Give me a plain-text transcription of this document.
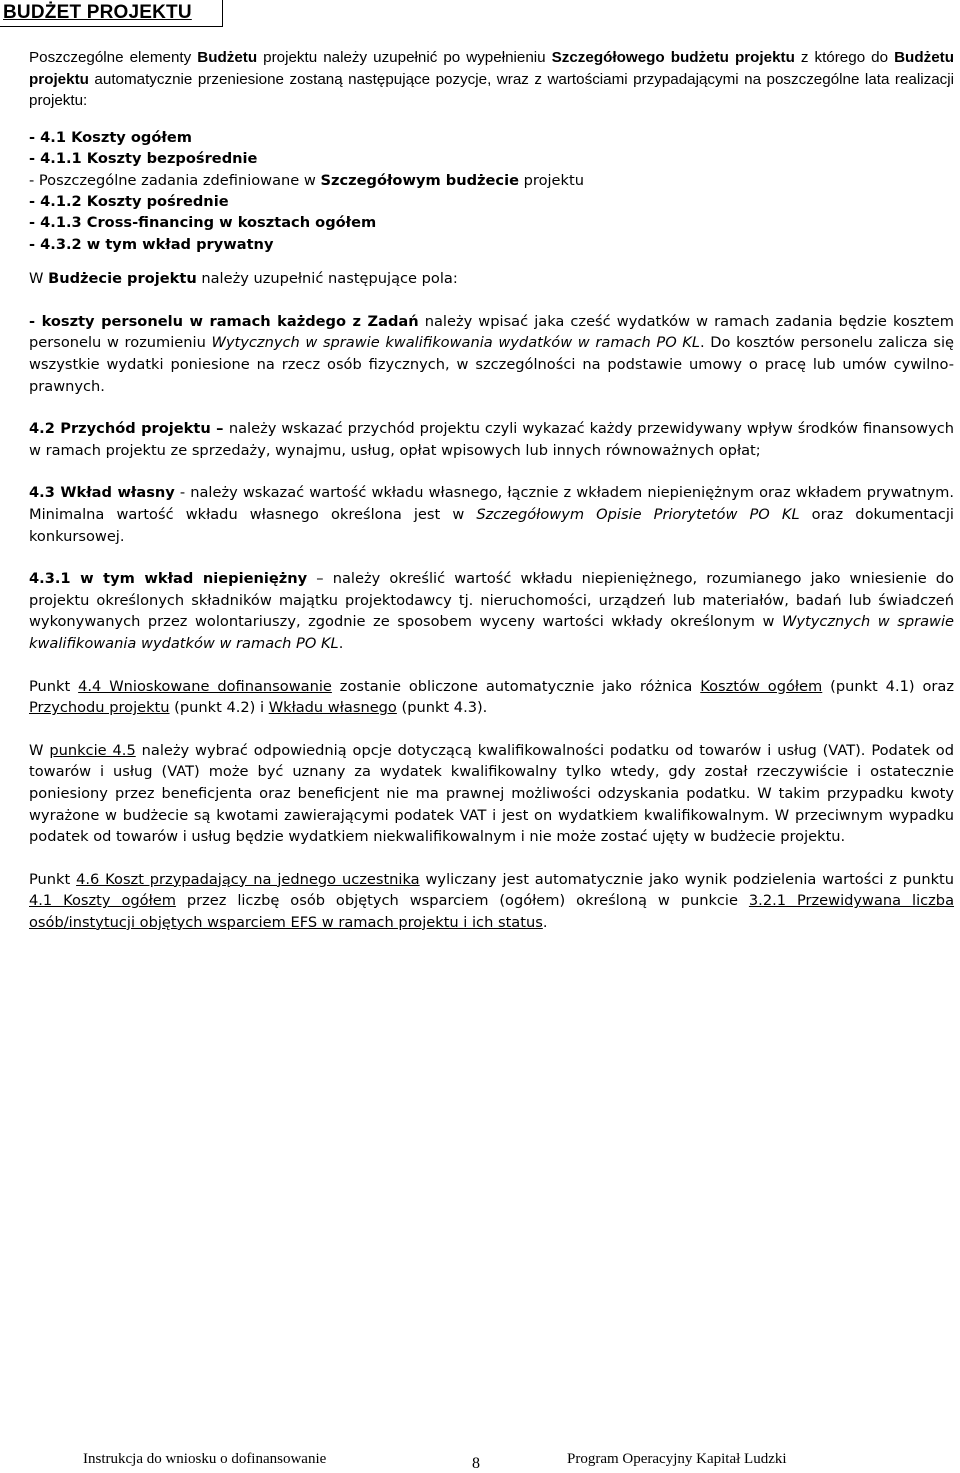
BUDŻET PROJEKTU

Poszczególne elementy Budżetu projektu należy uzupełnić po wypełnieniu Szczegółowego budżetu projektu z którego do Budżetu projektu automatycznie przeniesione zostaną następujące pozycje, wraz z wartościami przypadającymi na poszczególne lata realizacji projektu:

- 4.1 Koszty ogółem
- 4.1.1 Koszty bezpośrednie
- Poszczególne zadania zdefiniowane w Szczegółowym budżecie projektu
- 4.1.2 Koszty pośrednie
- 4.1.3 Cross-financing w kosztach ogółem
- 4.3.2 w tym wkład prywatny

W Budżecie projektu należy uzupełnić następujące pola:

- koszty personelu w ramach każdego z Zadań należy wpisać jaka cześć wydatków w ramach zadania będzie kosztem personelu w rozumieniu Wytycznych w sprawie kwalifikowania wydatków w ramach PO KL. Do kosztów personelu zalicza się wszystkie wydatki poniesione na rzecz osób fizycznych, w szczególności na podstawie umowy o pracę lub umów cywilno-prawnych.

4.2 Przychód projektu – należy wskazać przychód projektu czyli wykazać każdy przewidywany wpływ środków finansowych w ramach projektu ze sprzedaży, wynajmu, usług, opłat wpisowych lub innych równoważnych opłat;

4.3 Wkład własny - należy wskazać wartość wkładu własnego, łącznie z wkładem niepieniężnym oraz wkładem prywatnym. Minimalna wartość wkładu własnego określona jest w Szczegółowym Opisie Priorytetów PO KL oraz dokumentacji konkursowej.

4.3.1 w tym wkład niepieniężny – należy określić wartość wkładu niepieniężnego, rozumianego jako wniesienie do projektu określonych składników majątku projektodawcy tj. nieruchomości, urządzeń lub materiałów, badań lub świadczeń wykonywanych przez wolontariuszy, zgodnie ze sposobem wyceny wartości wkłady określonym w Wytycznych w sprawie kwalifikowania wydatków w ramach PO KL.

Punkt 4.4 Wnioskowane dofinansowanie zostanie obliczone automatycznie jako różnica Kosztów ogółem (punkt 4.1) oraz Przychodu projektu (punkt 4.2) i Wkładu własnego (punkt 4.3).

W punkcie 4.5 należy wybrać odpowiednią opcje dotyczącą kwalifikowalności podatku od towarów i usług (VAT). Podatek od towarów i usług (VAT) może być uznany za wydatek kwalifikowalny tylko wtedy, gdy został rzeczywiście i ostatecznie poniesiony przez beneficjenta oraz beneficjent nie ma prawnej możliwości odzyskania podatku. W takim przypadku kwoty wyrażone w budżecie są kwotami zawierającymi podatek VAT i jest on wydatkiem kwalifikowalnym. W przeciwnym wypadku podatek od towarów i usług będzie wydatkiem niekwalifikowalnym i nie może zostać ujęty w budżecie projektu.

Punkt 4.6 Koszt przypadający na jednego uczestnika wyliczany jest automatycznie jako wynik podzielenia wartości z punktu 4.1 Koszty ogółem przez liczbę osób objętych wsparciem (ogółem) określoną w punkcie 3.2.1 Przewidywana liczba osób/instytucji objętych wsparciem EFS w ramach projektu i ich status.

Instrukcja do wniosku o dofinansowanie	8	Program Operacyjny Kapitał Ludzki
